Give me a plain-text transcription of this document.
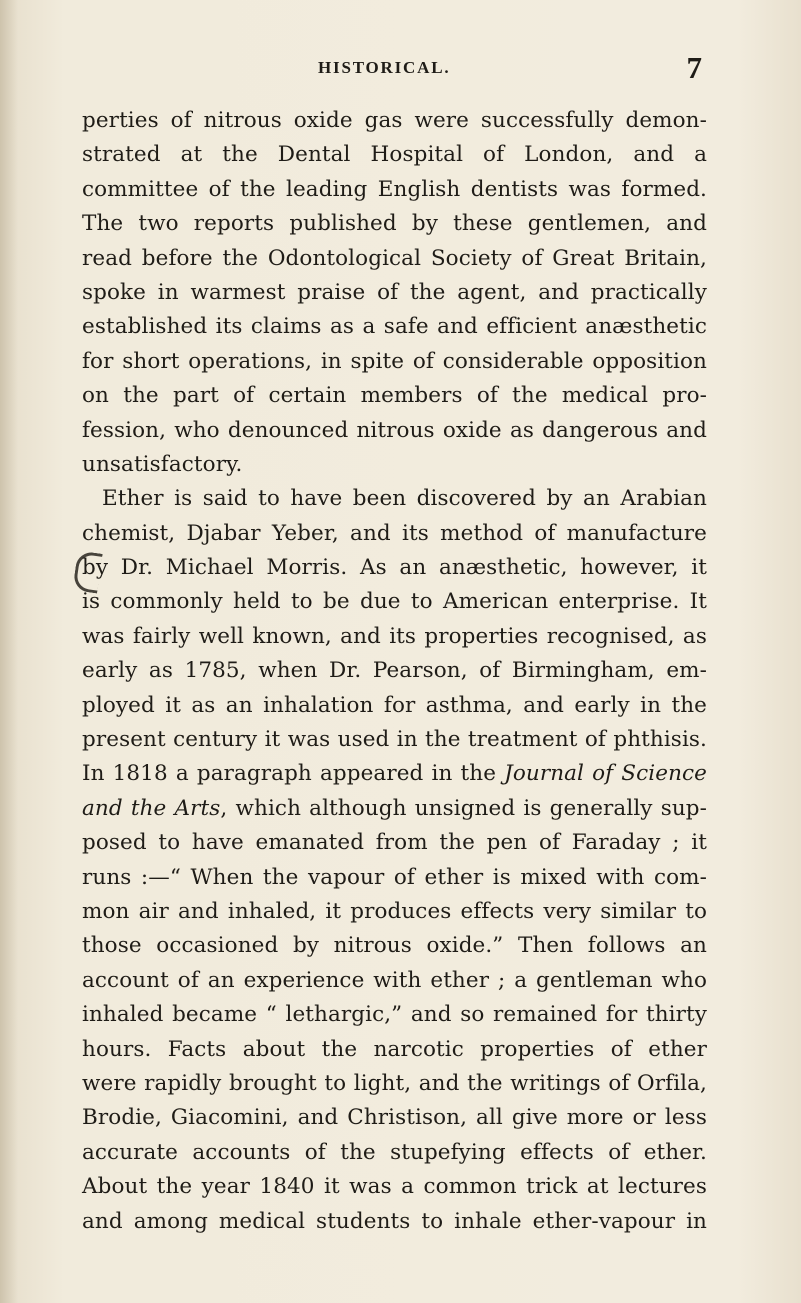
HISTORICAL.	7
perties of nitrous oxide gas were successfully demon-
strated at the Dental Hospital of London, and a
committee of the leading English dentists was formed.
The two reports published by these gentlemen, and
read before the Odontological Society of Great Britain,
spoke in warmest praise of the agent, and practically
established its claims as a safe and efficient anæsthetic
for short operations, in spite of considerable opposition
on the part of certain members of the medical pro-
fession, who denounced nitrous oxide as dangerous and
unsatisfactory.
Ether is said to have been discovered by an Arabian
chemist, Djabar Yeber, and its method of manufacture
by Dr. Michael Morris. As an anæsthetic, however, it
is commonly held to be due to American enterprise. It
was fairly well known, and its properties recognised, as
early as 1785, when Dr. Pearson, of Birmingham, em-
ployed it as an inhalation for asthma, and early in the
present century it was used in the treatment of phthisis.
In 1818 a paragraph appeared in the Journal of Science
and the Arts, which although unsigned is generally sup-
posed to have emanated from the pen of Faraday ; it
runs :—“ When the vapour of ether is mixed with com-
mon air and inhaled, it produces effects very similar to
those occasioned by nitrous oxide.” Then follows an
account of an experience with ether ; a gentleman who
inhaled became “ lethargic,” and so remained for thirty
hours. Facts about the narcotic properties of ether
were rapidly brought to light, and the writings of Orfila,
Brodie, Giacomini, and Christison, all give more or less
accurate accounts of the stupefying effects of ether.
About the year 1840 it was a common trick at lectures
and among medical students to inhale ether-vapour in
